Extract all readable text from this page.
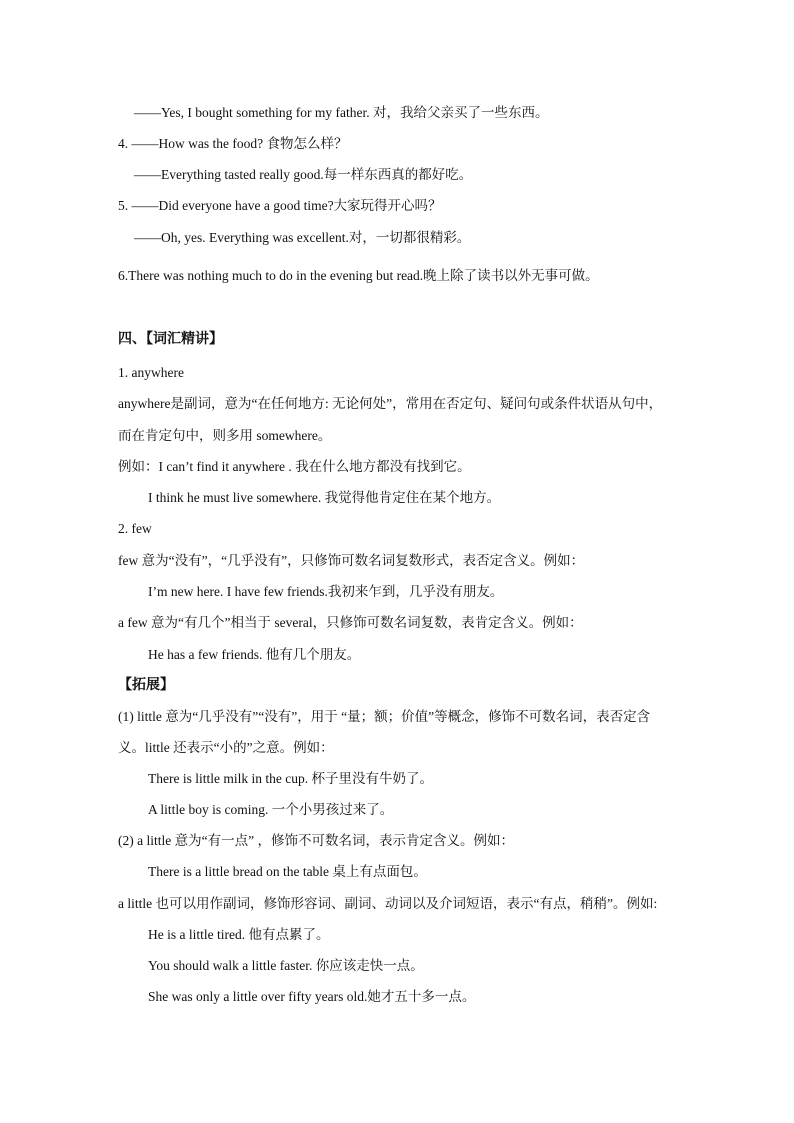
——Yes, I bought something for my father. 对，我给父亲买了一些东西。
4. ——How was the food? 食物怎么样？
——Everything tasted really good.每一样东西真的都好吃。
5. ——Did everyone have a good time?大家玩得开心吗？
——Oh, yes. Everything was excellent.对，一切都很精彩。
6.There was nothing much to do in the evening but read.晚上除了读书以外无事可做。
四、【词汇精讲】
1. anywhere
anywhere是副词，意为“在任何地方: 无论何处”，常用在否定句、疑问句或条件状语从句中，
而在肯定句中，则多用 somewhere。
例如：I can’t find it anywhere . 我在什么地方都没有找到它。
I think he must live somewhere. 我觉得他肯定住在某个地方。
2. few
few 意为“没有”，“几乎没有”，只修饰可数名词复数形式，表否定含义。例如：
I’m new here. I have few friends.我初来乍到，几乎没有朋友。
a few 意为“有几个”相当于 several，只修饰可数名词复数，表肯定含义。例如：
He has a few friends. 他有几个朋友。
【拓展】
(1) little 意为“几乎没有”“没有”，用于 “量；额；价值”等概念，修饰不可数名词，表否定含
义。little 还表示“小的”之意。例如：
There is little milk in the cup. 杯子里没有牛奶了。
A little boy is coming. 一个小男孩过来了。
(2) a little 意为“有一点” ，修饰不可数名词，表示肯定含义。例如：
There is a little bread on the table 桌上有点面包。
a little 也可以用作副词，修饰形容词、副词、动词以及介词短语，表示“有点，稍稍”。例如:
He is a little tired. 他有点累了。
You should walk a little faster. 你应该走快一点。
She was only a little over fifty years old.她才五十多一点。
